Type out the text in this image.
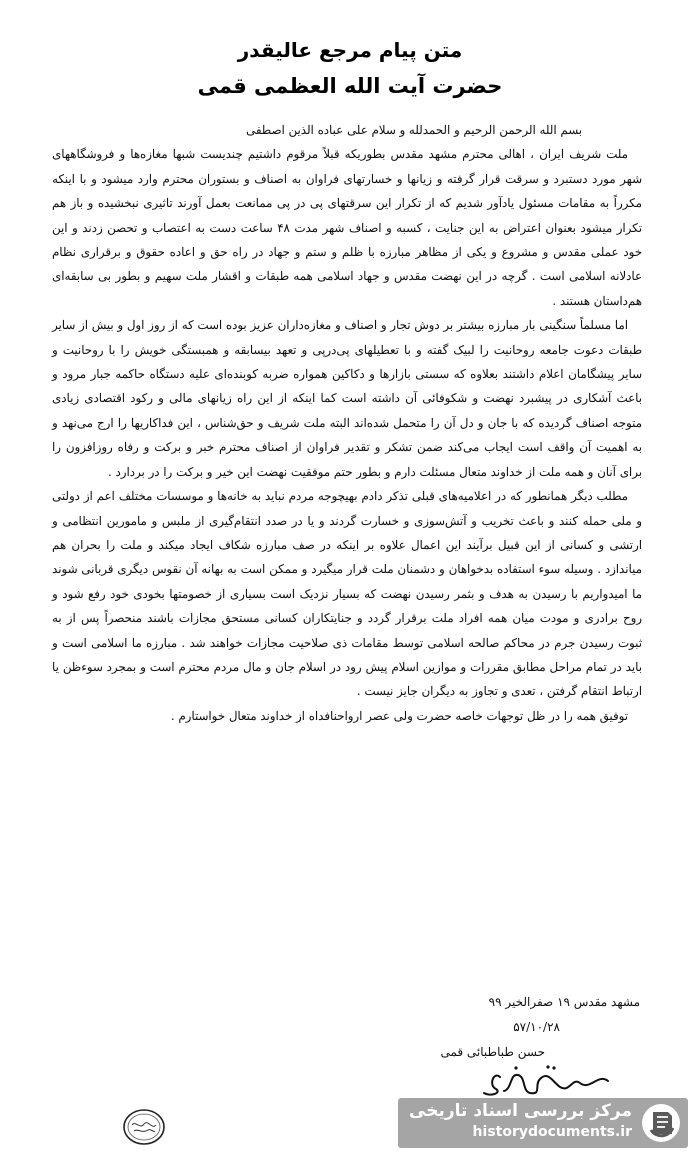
متن پیام مرجع عالیقدر
حضرت آیت الله العظمی قمی

بسم الله الرحمن الرحیم و الحمدلله و سلام علی عباده الذین اصطفی

ملت شریف ایران ، اهالی محترم مشهد مقدس بطوریکه قبلاً مرقوم داشتیم چندیست شبها مغازه‌ها و فروشگاههای شهر مورد دستبرد و سرقت قرار گرفته و زیانها و خسارتهای فراوان به اصناف و بستوران محترم وارد میشود و با اینکه مکرراً به مقامات مسئول یادآور شدیم که از تکرار این سرقتهای پی در پی ممانعت بعمل آورند تاثیری نبخشیده و باز هم تکرار میشود بعنوان اعتراض به این جنایت ، کسبه و اصناف شهر مدت ۴۸ ساعت دست به اعتصاب و تحصن زدند و این خود عملی مقدس و مشروع و یکی از مظاهر مبارزه با ظلم و ستم و جهاد در راه حق و اعاده حقوق و برقراری نظام عادلانه اسلامی است . گرچه در این نهضت مقدس و جهاد اسلامی همه طبقات و اقشار ملت سهیم و بطور بی سابقه‌ای هم‌داستان هستند .

اما مسلماً سنگینی بار مبارزه بیشتر بر دوش تجار و اصناف و مغازه‌داران عزیز بوده است که از روز اول و بیش از سایر طبقات دعوت جامعه روحانیت را لبیک گفته و با تعطیلهای پی‌درپی و تعهد بیسابقه و همبستگی خویش را با روحانیت و سایر پیشگامان اعلام داشتند بعلاوه که سستی بازارها و دکاکین همواره ضربه کوبنده‌ای علیه دستگاه حاکمه جبار مرود و باعث آشکاری در پیشبرد نهضت و شکوفائی آن داشته است کما اینکه از این راه زیانهای مالی و رکود اقتصادی زیادی متوجه اصناف گردیده که با جان و دل آن را متحمل شده‌اند البته ملت شریف و حق‌شناس ، این فداکاریها را ارج می‌نهد و به اهمیت آن واقف است ایجاب می‌کند ضمن تشکر و تقدیر فراوان از اصناف محترم خبر و برکت و رفاه روزافزون را برای آنان و همه ملت از خداوند متعال مسئلت دارم و بطور حتم موفقیت نهضت این خیر و برکت را در بردارد .

مطلب دیگر همانطور که در اعلامیه‌های قبلی تذکر دادم بهیچوجه مردم نباید به خانه‌ها و موسسات مختلف اعم از دولتی و ملی حمله کنند و باعث تخریب و آتش‌سوزی و خسارت گردند و یا در صدد انتقام‌گیری از ملبس و مامورین انتظامی و ارتشی و کسانی از این قبیل برآیند این اعمال علاوه بر اینکه در صف مبارزه شکاف ایجاد میکند و ملت را بحران هم میاندازد . وسیله سوء استفاده بدخواهان و دشمنان ملت قرار میگیرد و ممکن است به بهانه آن نقوس دیگری قربانی شوند ما امیدواریم با رسیدن به هدف و بثمر رسیدن نهضت که بسیار نزدیک است بسیاری از خصومتها بخودی خود رفع شود و روح برادری و مودت میان همه افراد ملت برقرار گردد و جنایتکاران کسانی مستحق مجازات باشند منحصراً پس از به ثبوت رسیدن جرم در محاکم صالحه اسلامی توسط مقامات ذی صلاحیت مجازات خواهند شد . مبارزه ما اسلامی است و باید در تمام مراحل مطابق مقررات و موازین اسلام پیش رود در اسلام جان و مال مردم محترم است و بمجرد سوءظن یا ارتباط انتقام گرفتن ، تعدی و تجاوز به دیگران جایز نیست .

توفیق همه را در ظل توجهات خاصه حضرت ولی عصر ارواحنافداه از خداوند متعال خواستارم .

مشهد مقدس ۱۹ صفرالخیر ۹۹
۵۷/۱۰/۲۸
حسن طباطبائی قمی
مرکز بررسی اسناد تاریخی
historydocuments.ir
